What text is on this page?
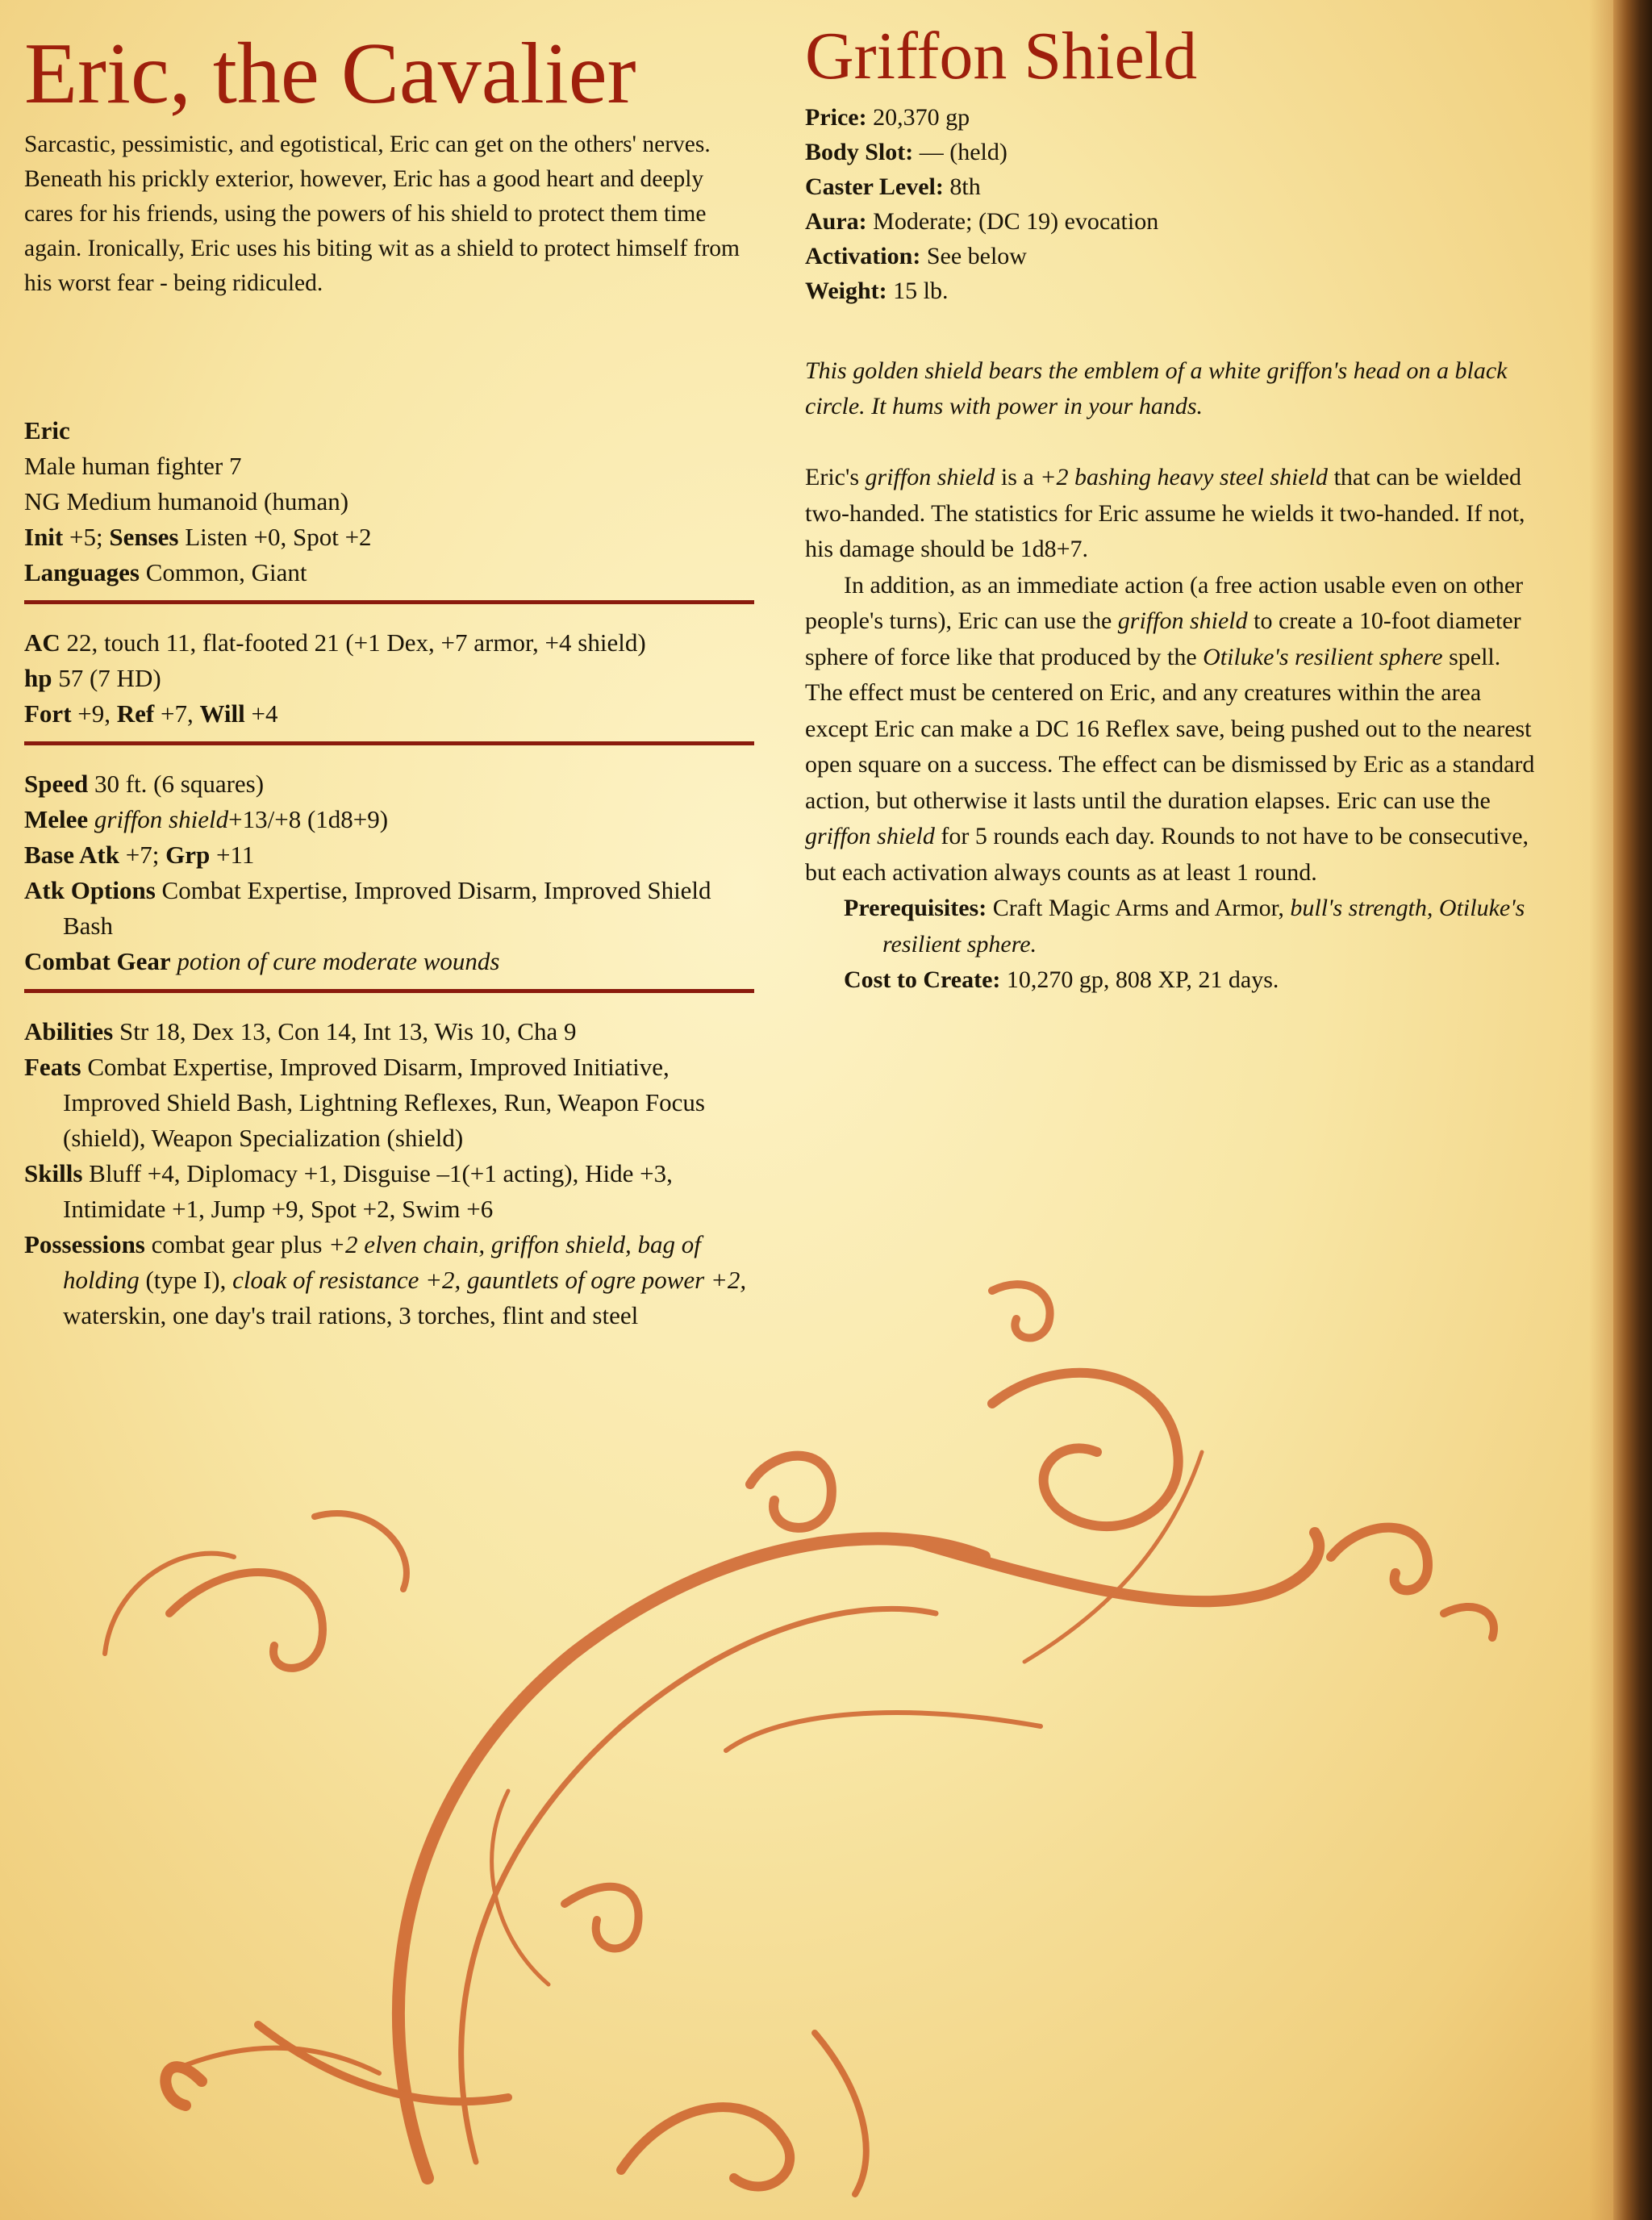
Eric, the Cavalier

Sarcastic, pessimistic, and egotistical, Eric can get on the others' nerves. Beneath his prickly exterior, however, Eric has a good heart and deeply cares for his friends, using the powers of his shield to protect them time again. Ironically, Eric uses his biting wit as a shield to protect himself from his worst fear - being ridiculed.

Eric

Male human fighter 7

NG Medium humanoid (human)

Init +5; Senses Listen +0, Spot +2

Languages Common, Giant

AC 22, touch 11, flat-footed 21 (+1 Dex, +7 armor, +4 shield)

hp 57 (7 HD)

Fort +9, Ref +7, Will +4

Speed 30 ft. (6 squares)

Melee griffon shield+13/+8 (1d8+9)

Base Atk +7; Grp +11

Atk Options Combat Expertise, Improved Disarm, Improved Shield Bash

Combat Gear potion of cure moderate wounds

Abilities Str 18, Dex 13, Con 14, Int 13, Wis 10, Cha 9

Feats Combat Expertise, Improved Disarm, Improved Initiative, Improved Shield Bash, Lightning Reflexes, Run, Weapon Focus (shield), Weapon Specialization (shield)

Skills Bluff +4, Diplomacy +1, Disguise –1(+1 acting), Hide +3, Intimidate +1, Jump +9, Spot +2, Swim +6

Possessions combat gear plus +2 elven chain, griffon shield, bag of holding (type I), cloak of resistance +2, gauntlets of ogre power +2, waterskin, one day's trail rations, 3 torches, flint and steel

Griffon Shield

Price: 20,370 gp

Body Slot: — (held)

Caster Level: 8th

Aura: Moderate; (DC 19) evocation

Activation: See below

Weight: 15 lb.

This golden shield bears the emblem of a white griffon's head on a black circle. It hums with power in your hands.

Eric's griffon shield is a +2 bashing heavy steel shield that can be wielded two-handed. The statistics for Eric assume he wields it two-handed. If not, his damage should be 1d8+7.

In addition, as an immediate action (a free action usable even on other people's turns), Eric can use the griffon shield to create a 10-foot diameter sphere of force like that produced by the Otiluke's resilient sphere spell.

The effect must be centered on Eric, and any creatures within the area except Eric can make a DC 16 Reflex save, being pushed out to the nearest open square on a success. The effect can be dismissed by Eric as a standard action, but otherwise it lasts until the duration elapses. Eric can use the griffon shield for 5 rounds each day. Rounds to not have to be consecutive, but each activation always counts as at least 1 round.

Prerequisites: Craft Magic Arms and Armor, bull's strength, Otiluke's resilient sphere.

Cost to Create: 10,270 gp, 808 XP, 21 days.
